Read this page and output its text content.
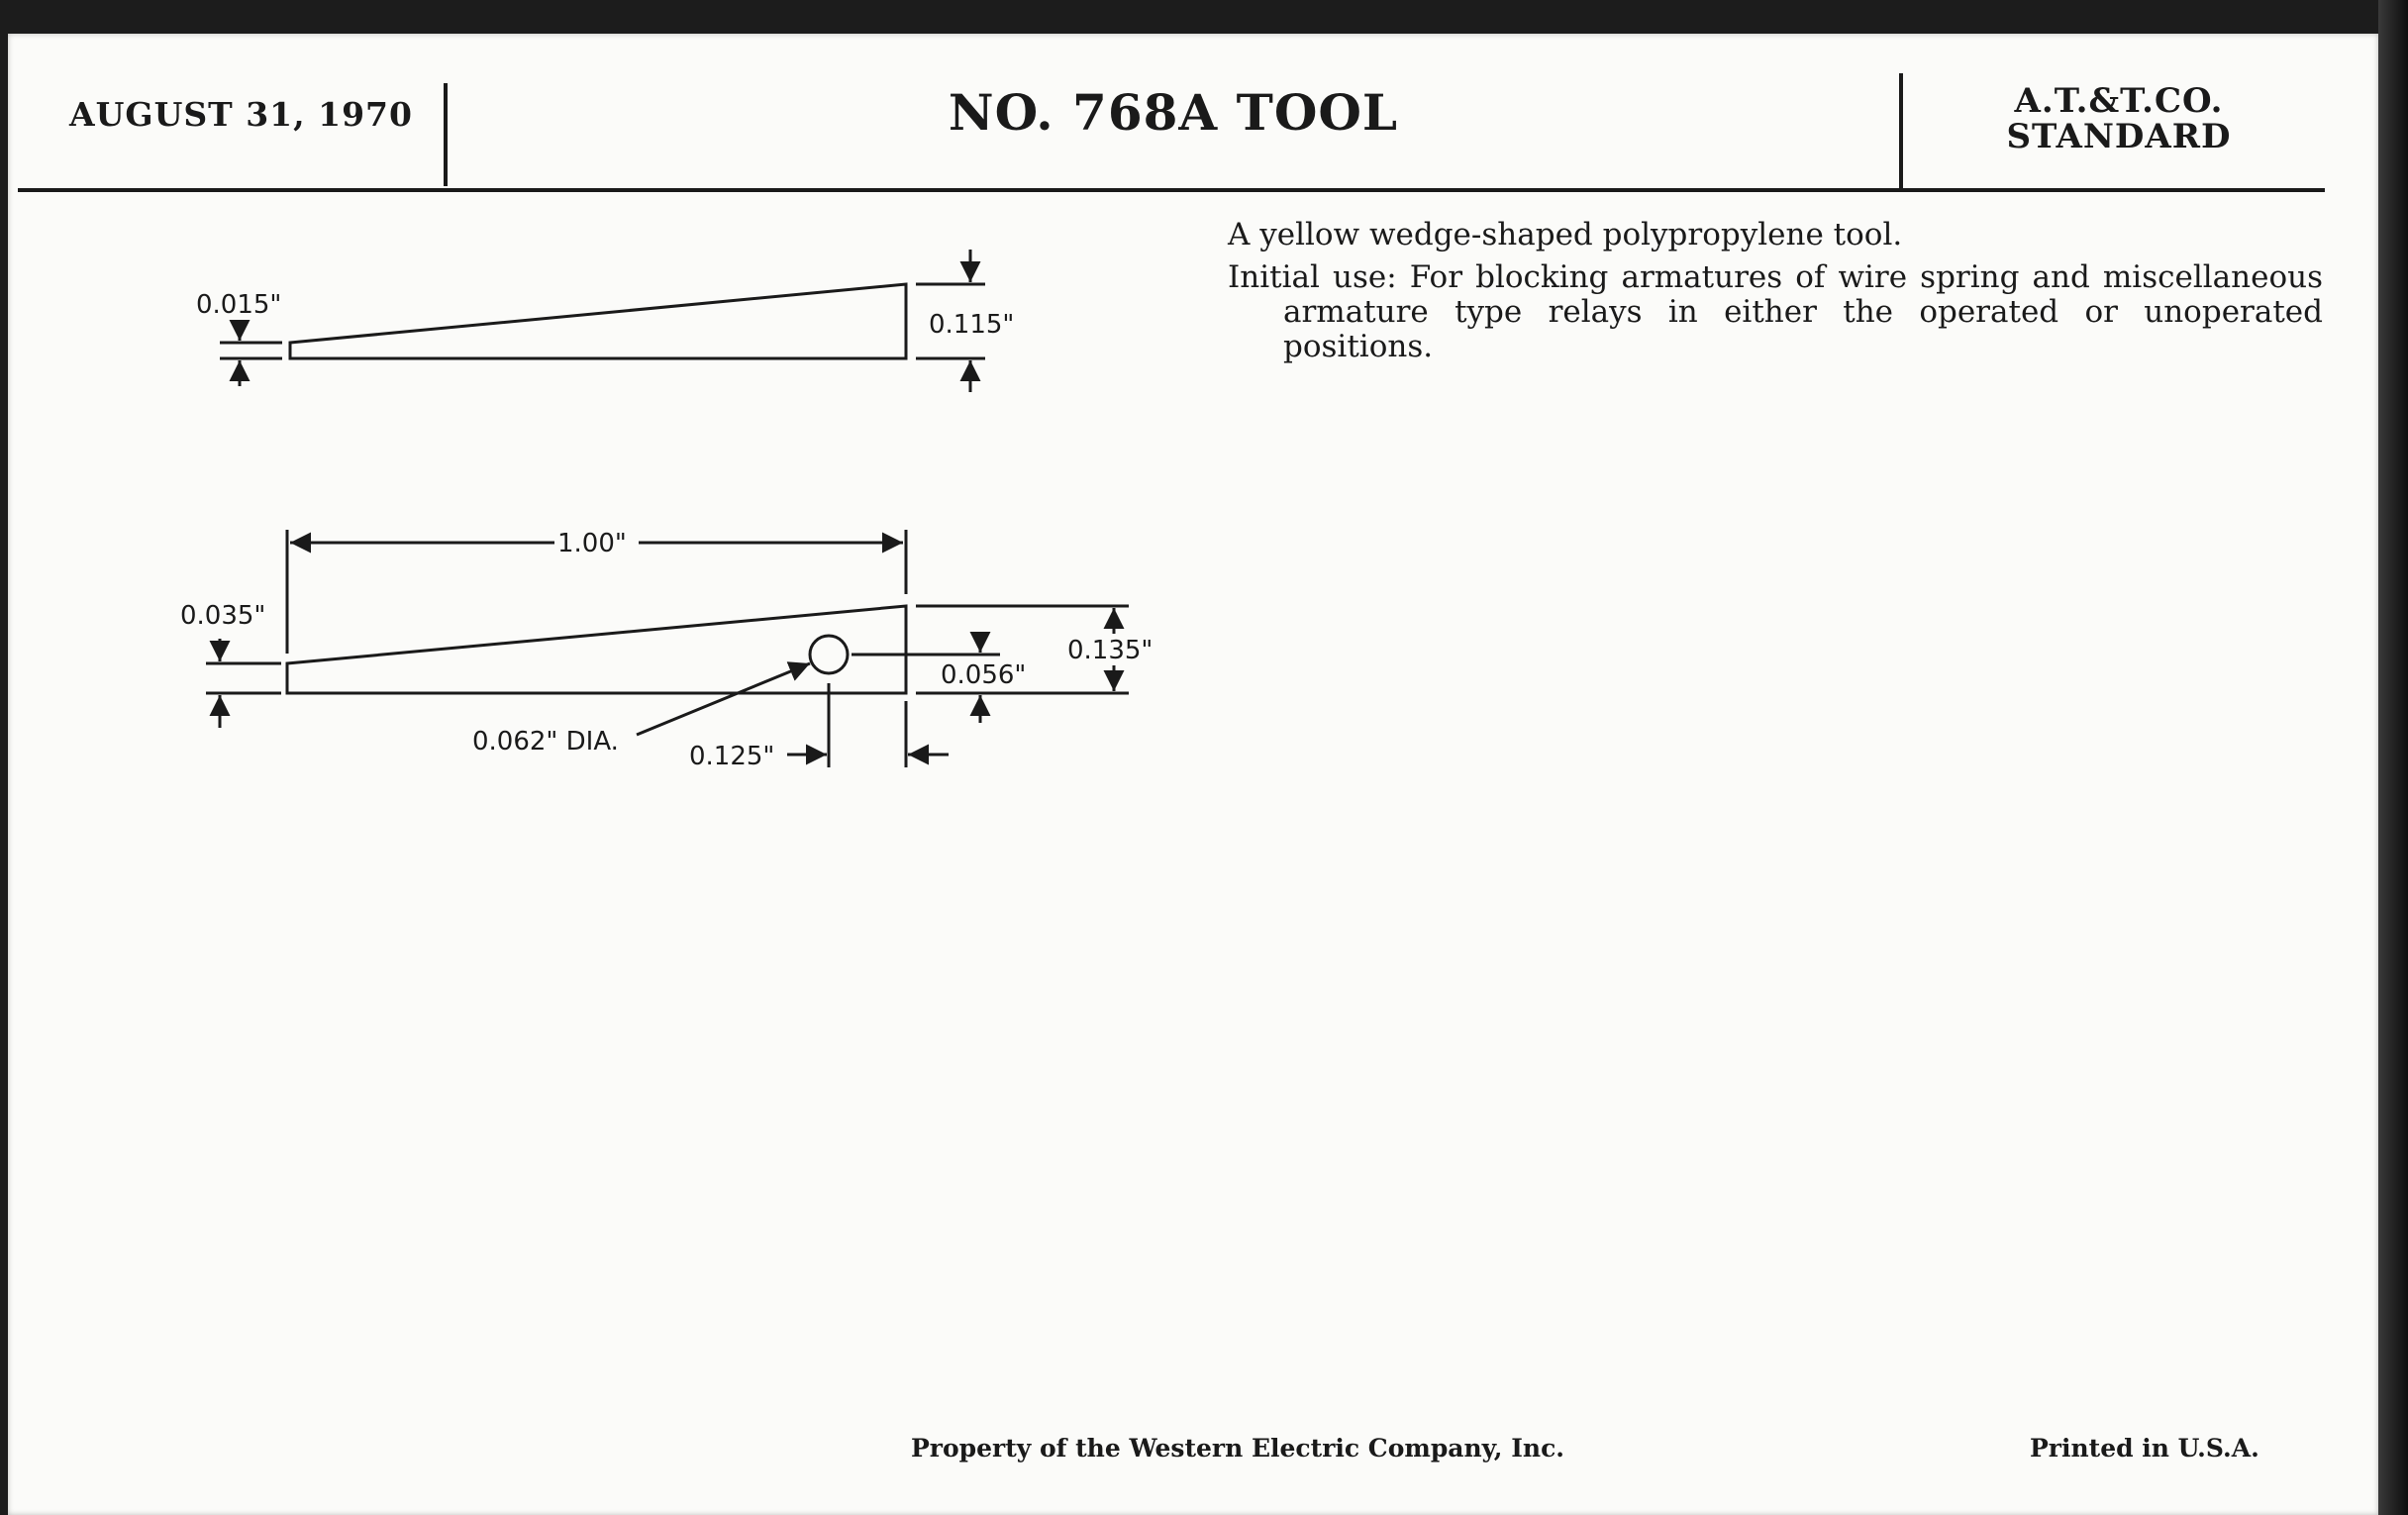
AUGUST 31, 1970	NO. 768A TOOL	A.T.&T.CO.
STANDARD

A yellow wedge-shaped polypropylene tool.

Initial use: For blocking armatures of wire spring and miscellaneous armature type relays in either the operated or unoperated positions.

0.015"
0.115"
1.00"
0.035"
0.135"
0.056"
0.062" DIA.	0.125"
Property of the Western Electric Company, Inc.	Printed in U.S.A.
